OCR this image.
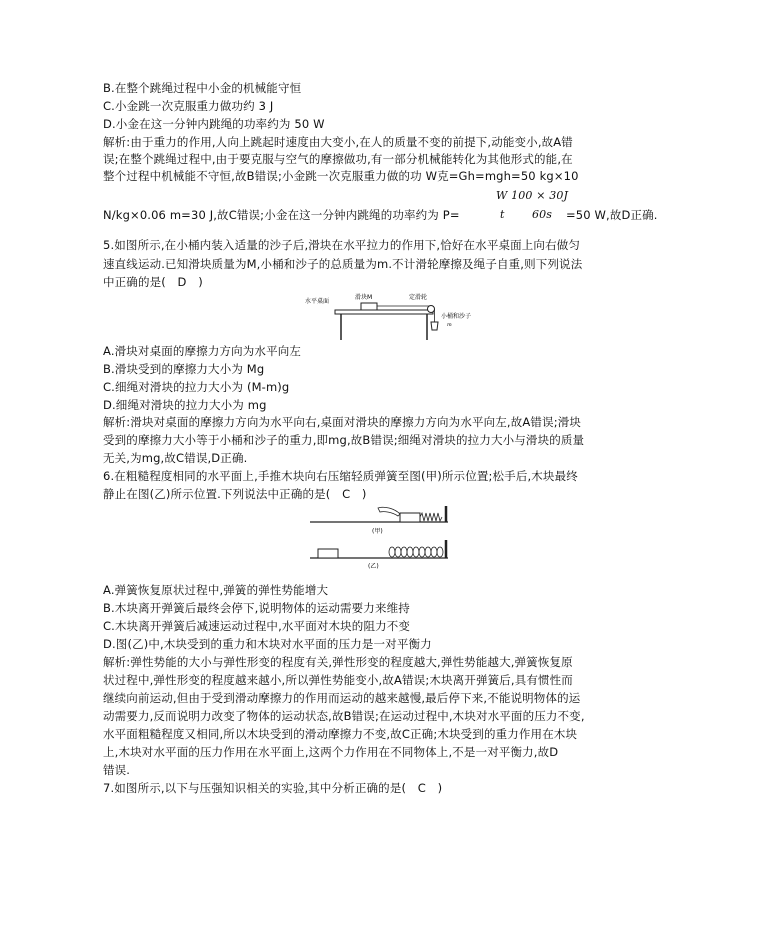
B.在整个跳绳过程中小金的机械能守恒
C.小金跳一次克服重力做功约 3 J
D.小金在这一分钟内跳绳的功率约为 50 W
解析:由于重力的作用,人向上跳起时速度由大变小,在人的质量不变的前提下,动能变小,故A错
误;在整个跳绳过程中,由于要克服与空气的摩擦做功,有一部分机械能转化为其他形式的能,在
整个过程中机械能不守恒,故B错误;小金跳一次克服重力做的功 W克=Gh=mgh=50 kg×10
W 100 × 30J
N/kg×0.06 m=30 J,故C错误;小金在这一分钟内跳绳的功率约为 P=	t 60s =50 W,故D正确.
5.如图所示,在小桶内装入适量的沙子后,滑块在水平拉力的作用下,恰好在水平桌面上向右做匀
速直线运动.已知滑块质量为M,小桶和沙子的总质量为m.不计滑轮摩擦及绳子自重,则下列说法
中正确的是(　D　)
滑块M	定滑轮
水平桌面
小桶和沙子
m
A.滑块对桌面的摩擦力方向为水平向左
B.滑块受到的摩擦力大小为 Mg
C.细绳对滑块的拉力大小为 (M-m)g
D.细绳对滑块的拉力大小为 mg
解析:滑块对桌面的摩擦力方向为水平向右,桌面对滑块的摩擦力方向为水平向左,故A错误;滑块
受到的摩擦力大小等于小桶和沙子的重力,即mg,故B错误;细绳对滑块的拉力大小与滑块的质量
无关,为mg,故C错误,D正确.
6.在粗糙程度相同的水平面上,手推木块向右压缩轻质弹簧至图(甲)所示位置;松手后,木块最终
静止在图(乙)所示位置.下列说法中正确的是(　C　)
(甲)
(乙)
A.弹簧恢复原状过程中,弹簧的弹性势能增大
B.木块离开弹簧后最终会停下,说明物体的运动需要力来维持
C.木块离开弹簧后减速运动过程中,水平面对木块的阻力不变
D.图(乙)中,木块受到的重力和木块对水平面的压力是一对平衡力
解析:弹性势能的大小与弹性形变的程度有关,弹性形变的程度越大,弹性势能越大,弹簧恢复原
状过程中,弹性形变的程度越来越小,所以弹性势能变小,故A错误;木块离开弹簧后,具有惯性而
继续向前运动,但由于受到滑动摩擦力的作用而运动的越来越慢,最后停下来,不能说明物体的运
动需要力,反而说明力改变了物体的运动状态,故B错误;在运动过程中,木块对水平面的压力不变,
水平面粗糙程度又相同,所以木块受到的滑动摩擦力不变,故C正确;木块受到的重力作用在木块
上,木块对水平面的压力作用在水平面上,这两个力作用在不同物体上,不是一对平衡力,故D
错误.
7.如图所示,以下与压强知识相关的实验,其中分析正确的是(　C　)
